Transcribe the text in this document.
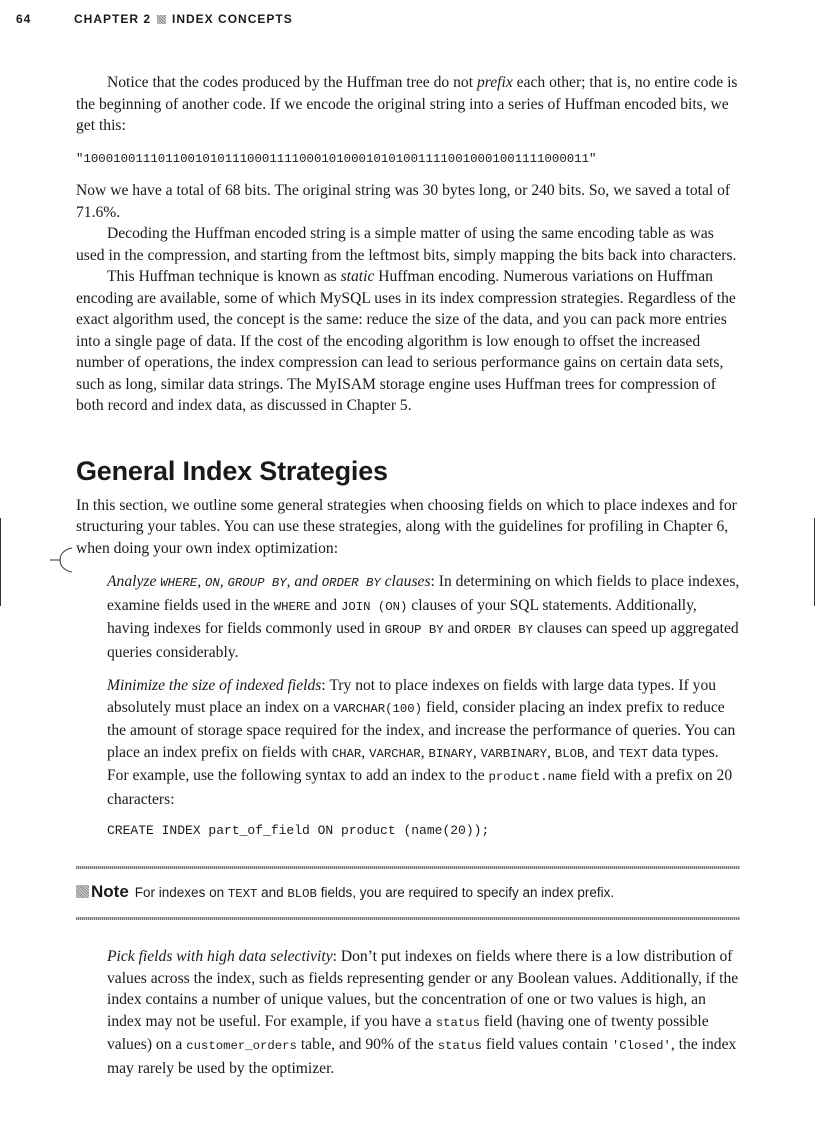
64	CHAPTER 2 INDEX CONCEPTS

Notice that the codes produced by the Huffman tree do not prefix each other; that is, no entire code is the beginning of another code. If we encode the original string into a series of Huffman encoded bits, we get this:

"10001001110110010101110001111000101000101010011110010001001111000011"

Now we have a total of 68 bits. The original string was 30 bytes long, or 240 bits. So, we saved a total of 71.6%.

Decoding the Huffman encoded string is a simple matter of using the same encoding table as was used in the compression, and starting from the leftmost bits, simply mapping the bits back into characters.

This Huffman technique is known as static Huffman encoding. Numerous variations on Huffman encoding are available, some of which MySQL uses in its index compression strategies. Regardless of the exact algorithm used, the concept is the same: reduce the size of the data, and you can pack more entries into a single page of data. If the cost of the encoding algorithm is low enough to offset the increased number of operations, the index compression can lead to serious performance gains on certain data sets, such as long, similar data strings. The MyISAM storage engine uses Huffman trees for compression of both record and index data, as discussed in Chapter 5.

General Index Strategies

In this section, we outline some general strategies when choosing fields on which to place indexes and for structuring your tables. You can use these strategies, along with the guidelines for profiling in Chapter 6, when doing your own index optimization:

Analyze WHERE, ON, GROUP BY, and ORDER BY clauses: In determining on which fields to place indexes, examine fields used in the WHERE and JOIN (ON) clauses of your SQL statements. Additionally, having indexes for fields commonly used in GROUP BY and ORDER BY clauses can speed up aggregated queries considerably.

Minimize the size of indexed fields: Try not to place indexes on fields with large data types. If you absolutely must place an index on a VARCHAR(100) field, consider placing an index prefix to reduce the amount of storage space required for the index, and increase the performance of queries. You can place an index prefix on fields with CHAR, VARCHAR, BINARY, VARBINARY, BLOB, and TEXT data types. For example, use the following syntax to add an index to the product.name field with a prefix on 20 characters:

CREATE INDEX part_of_field ON product (name(20));
Note For indexes on TEXT and BLOB fields, you are required to specify an index prefix.

Pick fields with high data selectivity: Don’t put indexes on fields where there is a low distribution of values across the index, such as fields representing gender or any Boolean values. Additionally, if the index contains a number of unique values, but the concentration of one or two values is high, an index may not be useful. For example, if you have a status field (having one of twenty possible values) on a customer_orders table, and 90% of the status field values contain 'Closed', the index may rarely be used by the optimizer.
